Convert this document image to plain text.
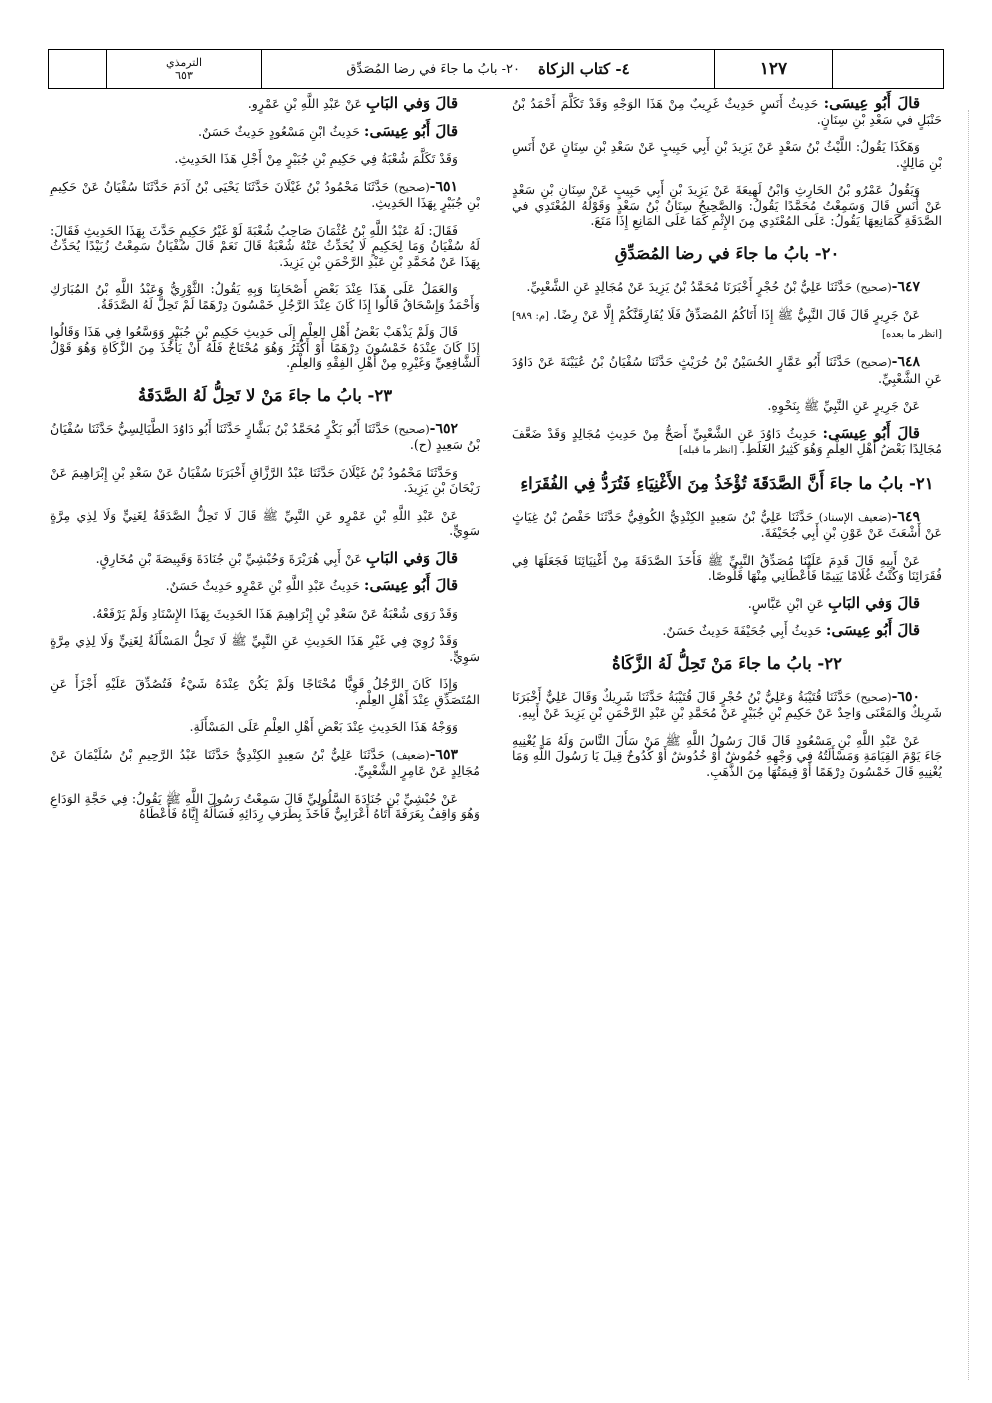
الترمذي
٦٥٣	٤- كتاب الزكاة
٢٠- بابُ ما جاءَ في رضا المُصَدِّق	١٢٧

قالَ أَبُو عِيسَى: حَدِيثُ أَنَسٍ حَدِيثٌ غَرِيبٌ مِنْ هَذَا الوَجْهِ وَقَدْ تَكَلَّمَ أَحْمَدُ بْنُ حَنْبَلٍ في سَعْدِ بْنِ سِنَانٍ.

وَهَكَذَا يَقُولُ: اللَّيْثُ بْنُ سَعْدٍ عَنْ يَزِيدَ بْنِ أَبِي حَبِيبٍ عَنْ سَعْدِ بْنِ سِنَانٍ عَنْ أَنَسِ بْنِ مَالِكٍ.

وَيَقُولُ عَمْرُو بْنُ الحَارِثِ وَابْنُ لَهِيعَةَ عَنْ يَزِيدَ بْنِ أَبِي حَبِيبٍ عَنْ سِنَانِ بْنِ سَعْدٍ عَنْ أَنَسٍ قَالَ وَسَمِعْتُ مُحَمَّدًا يَقُولُ: وَالصَّحِيحُ سِنَانُ بْنُ سَعْدٍ وَقَوْلُهُ المُعْتَدِي في الصَّدَقَةِ كَمَانِعِهَا يَقُولُ: عَلَى المُعْتَدِي مِنَ الإِثْمِ كَمَا عَلَى المَانِعِ إِذَا مَنَعَ.

٢٠- بابُ ما جاءَ في رضا المُصَدِّقِ

٦٤٧-(صحيح) حَدَّثَنَا عَلِيُّ بْنُ حُجْرٍ أَخْبَرَنَا مُحَمَّدُ بْنُ يَزِيدَ عَنْ مُجَالِدٍ عَنِ الشَّعْبِيِّ.

عَنْ جَرِيرٍ قَالَ قَالَ النَّبِيُّ ﷺ إِذَا أَتَاكُمُ المُصَدِّقُ فَلَا يُفَارِقَنَّكُمْ إِلَّا عَنْ رِضًا. [م: ٩٨٩] [انظر ما بعده]

٦٤٨-(صحيح) حَدَّثَنَا أَبُو عَمَّارٍ الحُسَيْنُ بْنُ حُرَيْثٍ حَدَّثَنَا سُفْيَانُ بْنُ عُيَيْنَةَ عَنْ دَاوُدَ عَنِ الشَّعْبِيِّ.

عَنْ جَرِيرٍ عَنِ النَّبِيِّ ﷺ بِنَحْوِهِ.

قالَ أَبُو عِيسَى: حَدِيثُ دَاوُدَ عَنِ الشَّعْبِيِّ أَصَحُّ مِنْ حَدِيثِ مُجَالِدٍ وَقَدْ ضَعَّفَ مُجَالِدًا بَعْضُ أَهْلِ العِلْمِ وَهُوَ كَثِيرُ الغَلَطِ. [انظر ما قبله]

٢١- بابُ ما جاءَ أَنَّ الصَّدَقَةَ تُؤْخَذُ مِنَ الأَغْنِيَاءِ فَتُرَدُّ فِي الفُقَرَاءِ

٦٤٩-(ضعيف الإسناد) حَدَّثَنَا عَلِيُّ بْنُ سَعِيدٍ الكِنْدِيُّ الكُوفِيُّ حَدَّثَنَا حَفْصُ بْنُ غِيَاثٍ عَنْ أَشْعَثَ عَنْ عَوْنِ بْنِ أَبِي جُحَيْفَةَ.

عَنْ أَبِيهِ قَالَ قَدِمَ عَلَيْنَا مُصَدِّقُ النَّبِيِّ ﷺ فَأَخَذَ الصَّدَقَةَ مِنْ أَغْنِيَائِنَا فَجَعَلَهَا فِي فُقَرَائِنَا وَكُنْتُ غُلَامًا يَتِيمًا فَأَعْطَانِي مِنْهَا قَلُوصًا.

قالَ وَفي البَابِ عَنِ ابْنِ عَبَّاسٍ.

قالَ أَبُو عِيسَى: حَدِيثُ أَبِي جُحَيْفَةَ حَدِيثٌ حَسَنٌ.

٢٢- بابُ ما جاءَ مَنْ تَحِلُّ لَهُ الزَّكَاةُ

٦٥٠-(صحيح) حَدَّثَنَا قُتَيْبَةُ وَعَلِيُّ بْنُ حُجْرٍ قَالَ قُتَيْبَةُ حَدَّثَنَا شَرِيكٌ وَقَالَ عَلِيٌّ أَخْبَرَنَا شَرِيكٌ وَالمَعْنَى وَاحِدٌ عَنْ حَكِيمِ بْنِ جُبَيْرٍ عَنْ مُحَمَّدِ بْنِ عَبْدِ الرَّحْمَنِ بْنِ يَزِيدَ عَنْ أَبِيهِ.

عَنْ عَبْدِ اللَّهِ بْنِ مَسْعُودٍ قَالَ قَالَ رَسُولُ اللَّهِ ﷺ مَنْ سَأَلَ النَّاسَ وَلَهُ مَا يُغْنِيهِ جَاءَ يَوْمَ القِيَامَةِ وَمَسْأَلَتُهُ فِي وَجْهِهِ خُمُوشٌ أَوْ خُدُوشٌ أَوْ كُدُوحٌ قِيلَ يَا رَسُولَ اللَّهِ وَمَا يُغْنِيهِ قَالَ خَمْسُونَ دِرْهَمًا أَوْ قِيمَتُهَا مِنَ الذَّهَبِ.

قالَ وَفي البَابِ عَنْ عَبْدِ اللَّهِ بْنِ عَمْرٍو.

قالَ أَبُو عِيسَى: حَدِيثُ ابْنِ مَسْعُودٍ حَدِيثٌ حَسَنٌ.

وَقَدْ تَكَلَّمَ شُعْبَةُ فِي حَكِيمِ بْنِ جُبَيْرٍ مِنْ أَجْلِ هَذَا الحَدِيثِ.

٦٥١-(صحيح) حَدَّثَنَا مَحْمُودُ بْنُ غَيْلَانَ حَدَّثَنَا يَحْيَى بْنُ آدَمَ حَدَّثَنَا سُفْيَانُ عَنْ حَكِيمِ بْنِ جُبَيْرٍ بِهَذَا الحَدِيثِ.

فَقَالَ: لَهُ عَبْدُ اللَّهِ بْنُ عُثْمَانَ صَاحِبُ شُعْبَةَ لَوْ غَيْرُ حَكِيمٍ حَدَّثَ بِهَذَا الحَدِيثِ فَقَالَ: لَهُ سُفْيَانُ وَمَا لِحَكِيمٍ لَا يُحَدِّثُ عَنْهُ شُعْبَةُ قَالَ نَعَمْ قَالَ سُفْيَانُ سَمِعْتُ زُبَيْدًا يُحَدِّثُ بِهَذَا عَنْ مُحَمَّدِ بْنِ عَبْدِ الرَّحْمَنِ بْنِ يَزِيدَ.

وَالعَمَلُ عَلَى هَذَا عِنْدَ بَعْضِ أَصْحَابِنَا وَبِهِ يَقُولُ: الثَّوْرِيُّ وَعَبْدُ اللَّهِ بْنُ المُبَارَكِ وَأَحْمَدُ وَإِسْحَاقُ قَالُوا إِذَا كَانَ عِنْدَ الرَّجُلِ خَمْسُونَ دِرْهَمًا لَمْ تَحِلَّ لَهُ الصَّدَقَةُ.

قَالَ وَلَمْ يَذْهَبْ بَعْضُ أَهْلِ العِلْمِ إِلَى حَدِيثِ حَكِيمِ بْنِ جُبَيْرٍ وَوَسَّعُوا فِي هَذَا وَقَالُوا إِذَا كَانَ عِنْدَهُ خَمْسُونَ دِرْهَمًا أَوْ أَكْثَرُ وَهُوَ مُحْتَاجٌ فَلَهُ أَنْ يَأْخُذَ مِنَ الزَّكَاةِ وَهُوَ قَوْلُ الشَّافِعِيِّ وَغَيْرِهِ مِنْ أَهْلِ الفِقْهِ وَالعِلْمِ.

٢٣- بابُ ما جاءَ مَنْ لا تَحِلُّ لَهُ الصَّدَقَةُ

٦٥٢-(صحيح) حَدَّثَنَا أَبُو بَكْرٍ مُحَمَّدُ بْنُ بَشَّارٍ حَدَّثَنَا أَبُو دَاوُدَ الطَّيَالِسِيُّ حَدَّثَنَا سُفْيَانُ بْنُ سَعِيدٍ (ح).

وَحَدَّثَنَا مَحْمُودُ بْنُ غَيْلَانَ حَدَّثَنَا عَبْدُ الرَّزَّاقِ أَخْبَرَنَا سُفْيَانُ عَنْ سَعْدِ بْنِ إِبْرَاهِيمَ عَنْ رَيْحَانَ بْنِ يَزِيدَ.

عَنْ عَبْدِ اللَّهِ بْنِ عَمْرٍو عَنِ النَّبِيِّ ﷺ قَالَ لَا تَحِلُّ الصَّدَقَةُ لِغَنِيٍّ وَلَا لِذِي مِرَّةٍ سَوِيٍّ.

قالَ وَفي البَابِ عَنْ أَبِي هُرَيْرَةَ وَحُبْشِيِّ بْنِ جُنَادَةَ وَقَبِيصَةَ بْنِ مُخَارِقٍ.

قالَ أَبُو عِيسَى: حَدِيثُ عَبْدِ اللَّهِ بْنِ عَمْرٍو حَدِيثٌ حَسَنٌ.

وَقَدْ رَوَى شُعْبَةُ عَنْ سَعْدِ بْنِ إِبْرَاهِيمَ هَذَا الحَدِيثَ بِهَذَا الإِسْنَادِ وَلَمْ يَرْفَعْهُ.

وَقَدْ رُوِيَ فِي غَيْرِ هَذَا الحَدِيثِ عَنِ النَّبِيِّ ﷺ لَا تَحِلُّ المَسْأَلَةُ لِغَنِيٍّ وَلَا لِذِي مِرَّةٍ سَوِيٍّ.

وَإِذَا كَانَ الرَّجُلُ قَوِيًّا مُحْتَاجًا وَلَمْ يَكُنْ عِنْدَهُ شَيْءٌ فَتُصُدِّقَ عَلَيْهِ أَجْزَأَ عَنِ المُتَصَدِّقِ عِنْدَ أَهْلِ العِلْمِ.

وَوَجْهُ هَذَا الحَدِيثِ عِنْدَ بَعْضِ أَهْلِ العِلْمِ عَلَى المَسْأَلَةِ.

٦٥٣-(ضعيف) حَدَّثَنَا عَلِيُّ بْنُ سَعِيدٍ الكِنْدِيُّ حَدَّثَنَا عَبْدُ الرَّحِيمِ بْنُ سُلَيْمَانَ عَنْ مُجَالِدٍ عَنْ عَامِرٍ الشَّعْبِيِّ.

عَنْ حُبْشِيِّ بْنِ جُنَادَةَ السَّلُولِيِّ قَالَ سَمِعْتُ رَسُولَ اللَّهِ ﷺ يَقُولُ: فِي حَجَّةِ الوَدَاعِ وَهُوَ وَاقِفٌ بِعَرَفَةَ أَتَاهُ أَعْرَابِيٌّ فَأَخَذَ بِطَرَفِ رِدَائِهِ فَسَأَلَهُ إِيَّاهُ فَأَعْطَاهُ
